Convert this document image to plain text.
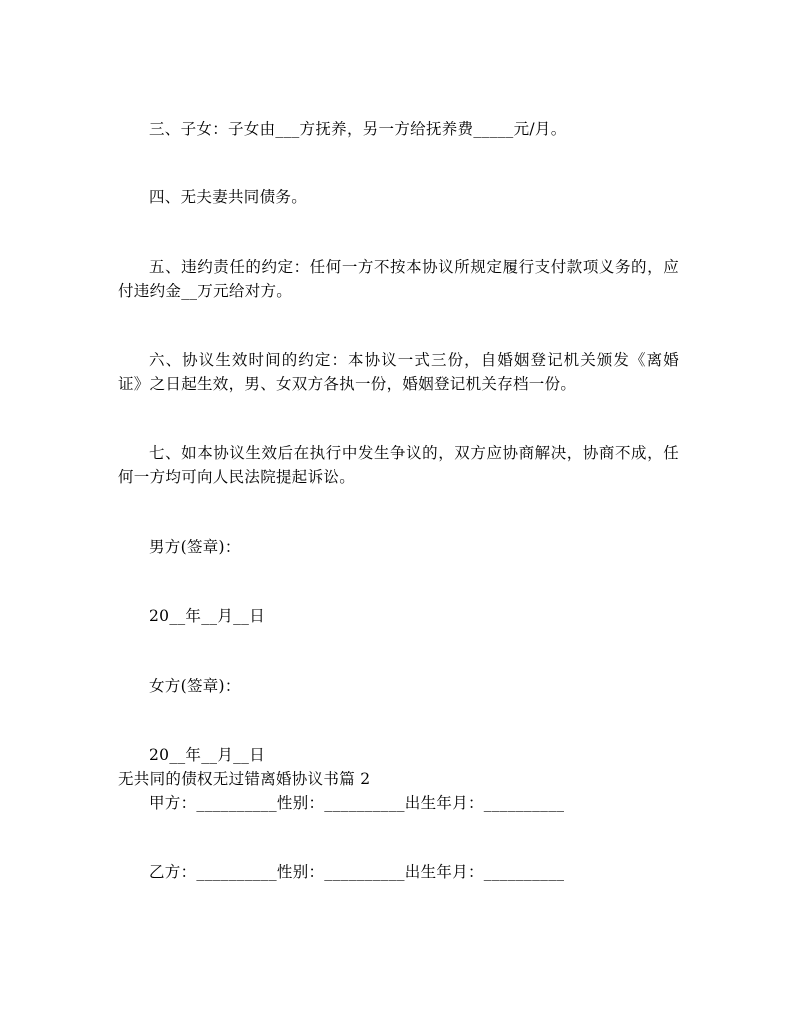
三、子女：子女由___方抚养，另一方给抚养费_____元/月。
四、无夫妻共同债务。
五、违约责任的约定：任何一方不按本协议所规定履行支付款项义务的，应
付违约金__万元给对方。
六、协议生效时间的约定：本协议一式三份，自婚姻登记机关颁发《离婚
证》之日起生效，男、女双方各执一份，婚姻登记机关存档一份。
七、如本协议生效后在执行中发生争议的，双方应协商解决，协商不成，任
何一方均可向人民法院提起诉讼。
男方(签章)：
20__年__月__日
女方(签章)：
20__年__月__日
无共同的债权无过错离婚协议书篇 2
甲方：__________性别：__________出生年月：__________
乙方：__________性别：__________出生年月：__________
